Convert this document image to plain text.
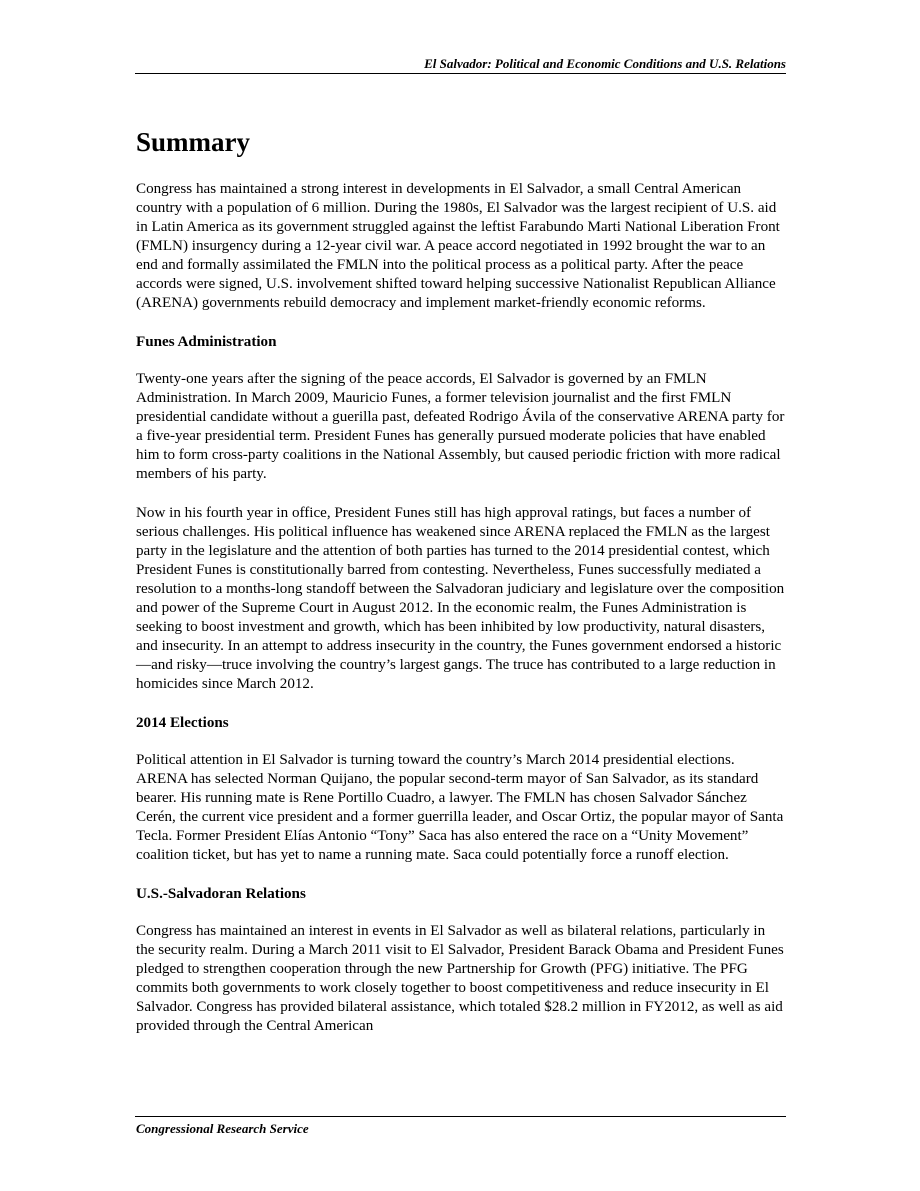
El Salvador: Political and Economic Conditions and U.S. Relations
Summary

Congress has maintained a strong interest in developments in El Salvador, a small Central American country with a population of 6 million. During the 1980s, El Salvador was the largest recipient of U.S. aid in Latin America as its government struggled against the leftist Farabundo Marti National Liberation Front (FMLN) insurgency during a 12-year civil war. A peace accord negotiated in 1992 brought the war to an end and formally assimilated the FMLN into the political process as a political party. After the peace accords were signed, U.S. involvement shifted toward helping successive Nationalist Republican Alliance (ARENA) governments rebuild democracy and implement market-friendly economic reforms.

Funes Administration

Twenty-one years after the signing of the peace accords, El Salvador is governed by an FMLN Administration. In March 2009, Mauricio Funes, a former television journalist and the first FMLN presidential candidate without a guerilla past, defeated Rodrigo Ávila of the conservative ARENA party for a five-year presidential term. President Funes has generally pursued moderate policies that have enabled him to form cross-party coalitions in the National Assembly, but caused periodic friction with more radical members of his party.

Now in his fourth year in office, President Funes still has high approval ratings, but faces a number of serious challenges. His political influence has weakened since ARENA replaced the FMLN as the largest party in the legislature and the attention of both parties has turned to the 2014 presidential contest, which President Funes is constitutionally barred from contesting. Nevertheless, Funes successfully mediated a resolution to a months-long standoff between the Salvadoran judiciary and legislature over the composition and power of the Supreme Court in August 2012. In the economic realm, the Funes Administration is seeking to boost investment and growth, which has been inhibited by low productivity, natural disasters, and insecurity. In an attempt to address insecurity in the country, the Funes government endorsed a historic—and risky—truce involving the country’s largest gangs. The truce has contributed to a large reduction in homicides since March 2012.

2014 Elections

Political attention in El Salvador is turning toward the country’s March 2014 presidential elections. ARENA has selected Norman Quijano, the popular second-term mayor of San Salvador, as its standard bearer. His running mate is Rene Portillo Cuadro, a lawyer. The FMLN has chosen Salvador Sánchez Cerén, the current vice president and a former guerrilla leader, and Oscar Ortiz, the popular mayor of Santa Tecla. Former President Elías Antonio “Tony” Saca has also entered the race on a “Unity Movement” coalition ticket, but has yet to name a running mate. Saca could potentially force a runoff election.

U.S.-Salvadoran Relations

Congress has maintained an interest in events in El Salvador as well as bilateral relations, particularly in the security realm. During a March 2011 visit to El Salvador, President Barack Obama and President Funes pledged to strengthen cooperation through the new Partnership for Growth (PFG) initiative. The PFG commits both governments to work closely together to boost competitiveness and reduce insecurity in El Salvador. Congress has provided bilateral assistance, which totaled $28.2 million in FY2012, as well as aid provided through the Central American

Congressional Research Service
